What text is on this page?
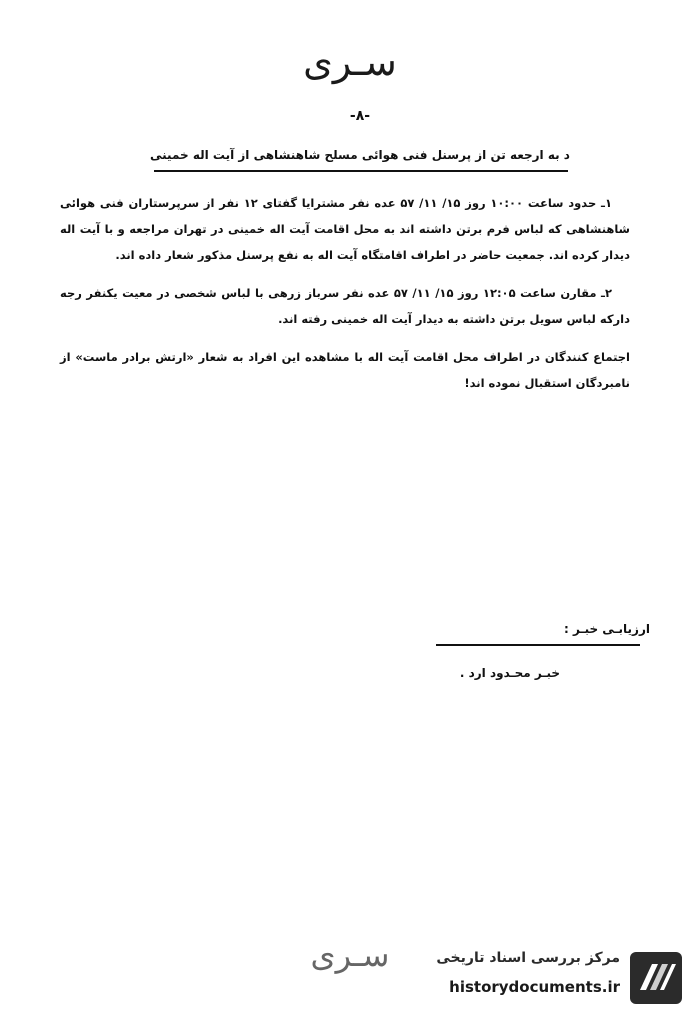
سـری
-۸-
د به ارجعه تن از پرسنل فنی هوائی مسلح شاهنشاهی از آیت اله خمینی

۱ـ حدود ساعت ۱۰:۰۰ روز ۱۵/ ۱۱/ ۵۷ عده نفر مشترایا گفتای ۱۲ نفر از سرپرستاران فنی هوائی شاهنشاهی که لباس فرم برتن داشته اند به محل اقامت آیت اله خمینی در تهران مراجعه و با آیت اله دیدار کرده اند. جمعیت حاضر در اطراف اقامتگاه آیت اله به نفع پرسنل مذکور شعار داده اند.

۲ـ مقارن ساعت ۱۲:۰۵ روز ۱۵/ ۱۱/ ۵۷ عده نفر سرباز زرهی با لباس شخصی در معیت یکنفر رجه دارکه لباس سویل برتن داشته به دیدار آیت اله خمینی رفته اند.

اجتماع کنندگان در اطراف محل اقامت آیت اله با مشاهده این افراد به شعار «ارتش برادر ماست» از نامبردگان استقبال نموده اند!

ارزیابـی خبـر :
خبـر محـدود ارد .
سـری	مرکز بررسی اسناد تاریخی
historydocuments.ir
